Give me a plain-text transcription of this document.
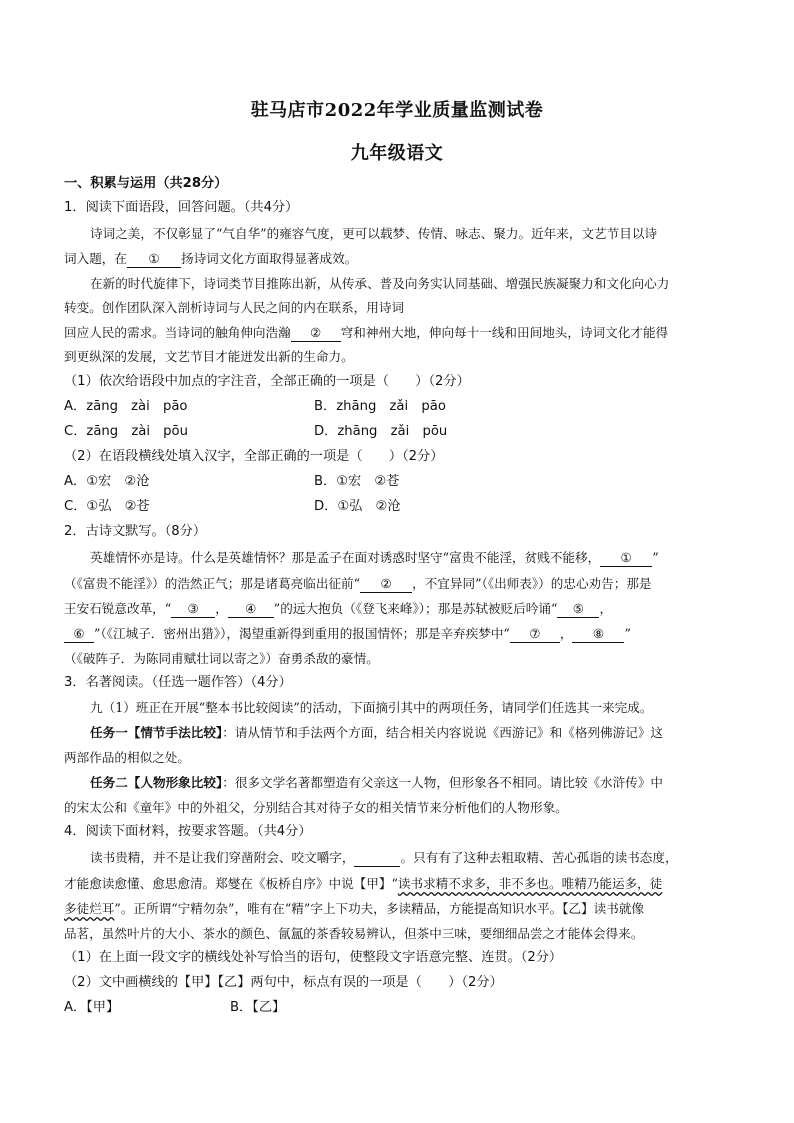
驻马店市2022年学业质量监测试卷
九年级语文
一、积累与运用（共28分）
1．阅读下面语段，回答问题。（共4分）
诗词之美，不仅彰显了“气自华”的雍容气度，更可以载梦、传情、咏志、聚力。近年来，文艺节目以诗
词入题，在 ① 扬诗词文化方面取得显著成效。
在新的时代旋律下，诗词类节目推陈出新，从传承、普及向务实认同基础、增强民族凝聚力和文化向心力
转变。创作团队深入剖析诗词与人民之间的内在联系，用诗词
回应人民的需求。当诗词的触角伸向浩瀚 ② 穹和神州大地，伸向每十一线和田间地头，诗词文化才能得
到更纵深的发展，文艺节目才能迸发出新的生命力。
（1）依次给语段中加点的字注音，全部正确的一项是（　　）（2分）
A．zāng　zài　pāo	B．zhāng　zǎi　pāo
C．zāng　zài　pōu	D．zhāng　zǎi　pōu
（2）在语段横线处填入汉字，全部正确的一项是（　　）（2分）
A．①宏　②沧	B．①宏　②苍
C．①弘　②苍	D．①弘　②沧
2．古诗文默写。（8分）
英雄情怀亦是诗。什么是英雄情怀？那是孟子在面对诱惑时坚守“富贵不能淫，贫贱不能移， ① ”
（《富贵不能淫》）的浩然正气；那是诸葛亮临出征前“ ② ，不宜异同”（《出师表》）的忠心劝告；那是
王安石锐意改革，“ ③ ， ④ ”的远大抱负（《登飞来峰》）；那是苏轼被贬后吟诵“ ⑤ ，
⑥ ”（《江城子．密州出猎》），渴望重新得到重用的报国情怀；那是辛弃疾梦中“ ⑦ ， ⑧ ”
（《破阵子．为陈同甫赋壮词以寄之》）奋勇杀敌的豪情。
3．名著阅读。（任选一题作答）（4分）
九（1）班正在开展“整本书比较阅读”的活动，下面摘引其中的两项任务，请同学们任选其一来完成。
任务一【情节手法比较】：请从情节和手法两个方面，结合相关内容说说《西游记》和《格列佛游记》这
两部作品的相似之处。
任务二【人物形象比较】：很多文学名著都塑造有父亲这一人物，但形象各不相同。请比较《水浒传》中
的宋太公和《童年》中的外祖父，分别结合其对待子女的相关情节来分析他们的人物形象。
4．阅读下面材料，按要求答题。（共4分）
读书贵精，并不是让我们穿凿附会、咬文嚼字，	。只有有了这种去粗取精、苦心孤诣的读书态度，
才能愈读愈懂、愈思愈清。郑燮在《板桥自序》中说【甲】“读书求精不求多，非不多也。唯精乃能运多，徒
多徒烂耳”。正所谓“宁精勿杂”，唯有在“精”字上下功夫，多读精品，方能提高知识水平。【乙】读书就像
品茗，虽然叶片的大小、茶水的颜色、氤氲的茶香较易辨认，但茶中三味，要细细品尝之才能体会得来。
（1）在上面一段文字的横线处补写恰当的语句，使整段文字语意完整、连贯。（2分）
（2）文中画横线的【甲】【乙】两句中，标点有误的一项是（　　）（2分）
A．【甲】	B．【乙】
